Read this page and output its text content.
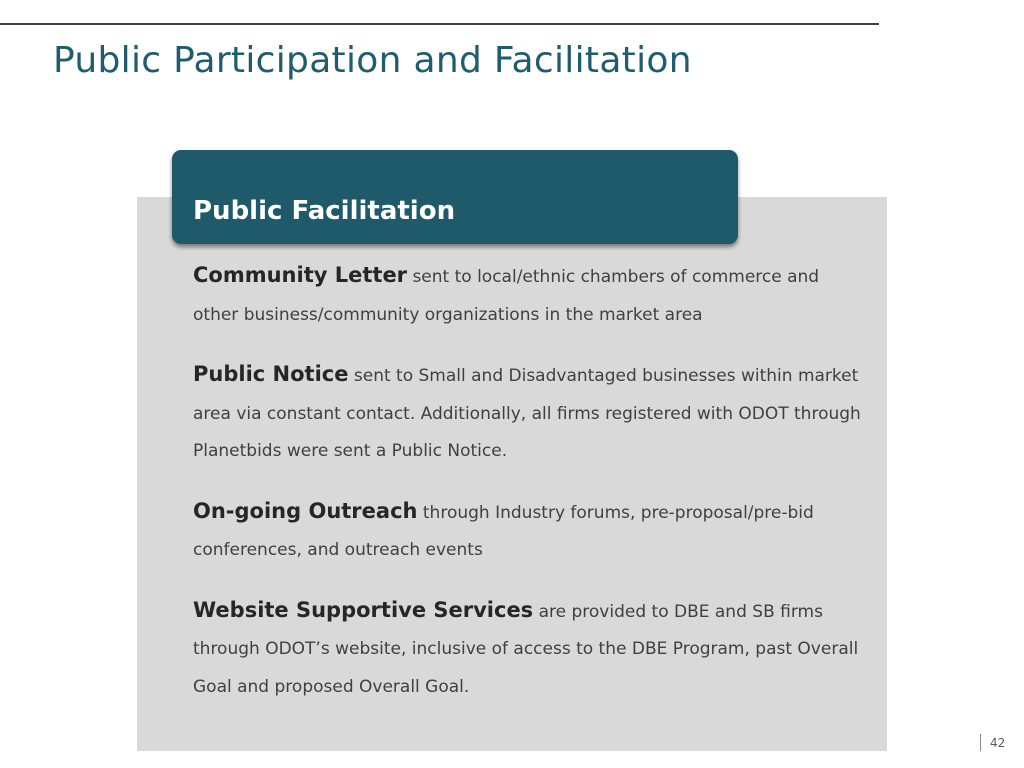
Public Participation and Facilitation
Public Facilitation

Community Letter sent to local/ethnic chambers of commerce and other business/community organizations in the market area

Public Notice sent to Small and Disadvantaged businesses within market area via constant contact. Additionally, all firms registered with ODOT through Planetbids were sent a Public Notice.

On-going Outreach through Industry forums, pre-proposal/pre-bid conferences, and outreach events

Website Supportive Services are provided to DBE and SB firms through ODOT’s website, inclusive of access to the DBE Program, past Overall Goal and proposed Overall Goal.

42
